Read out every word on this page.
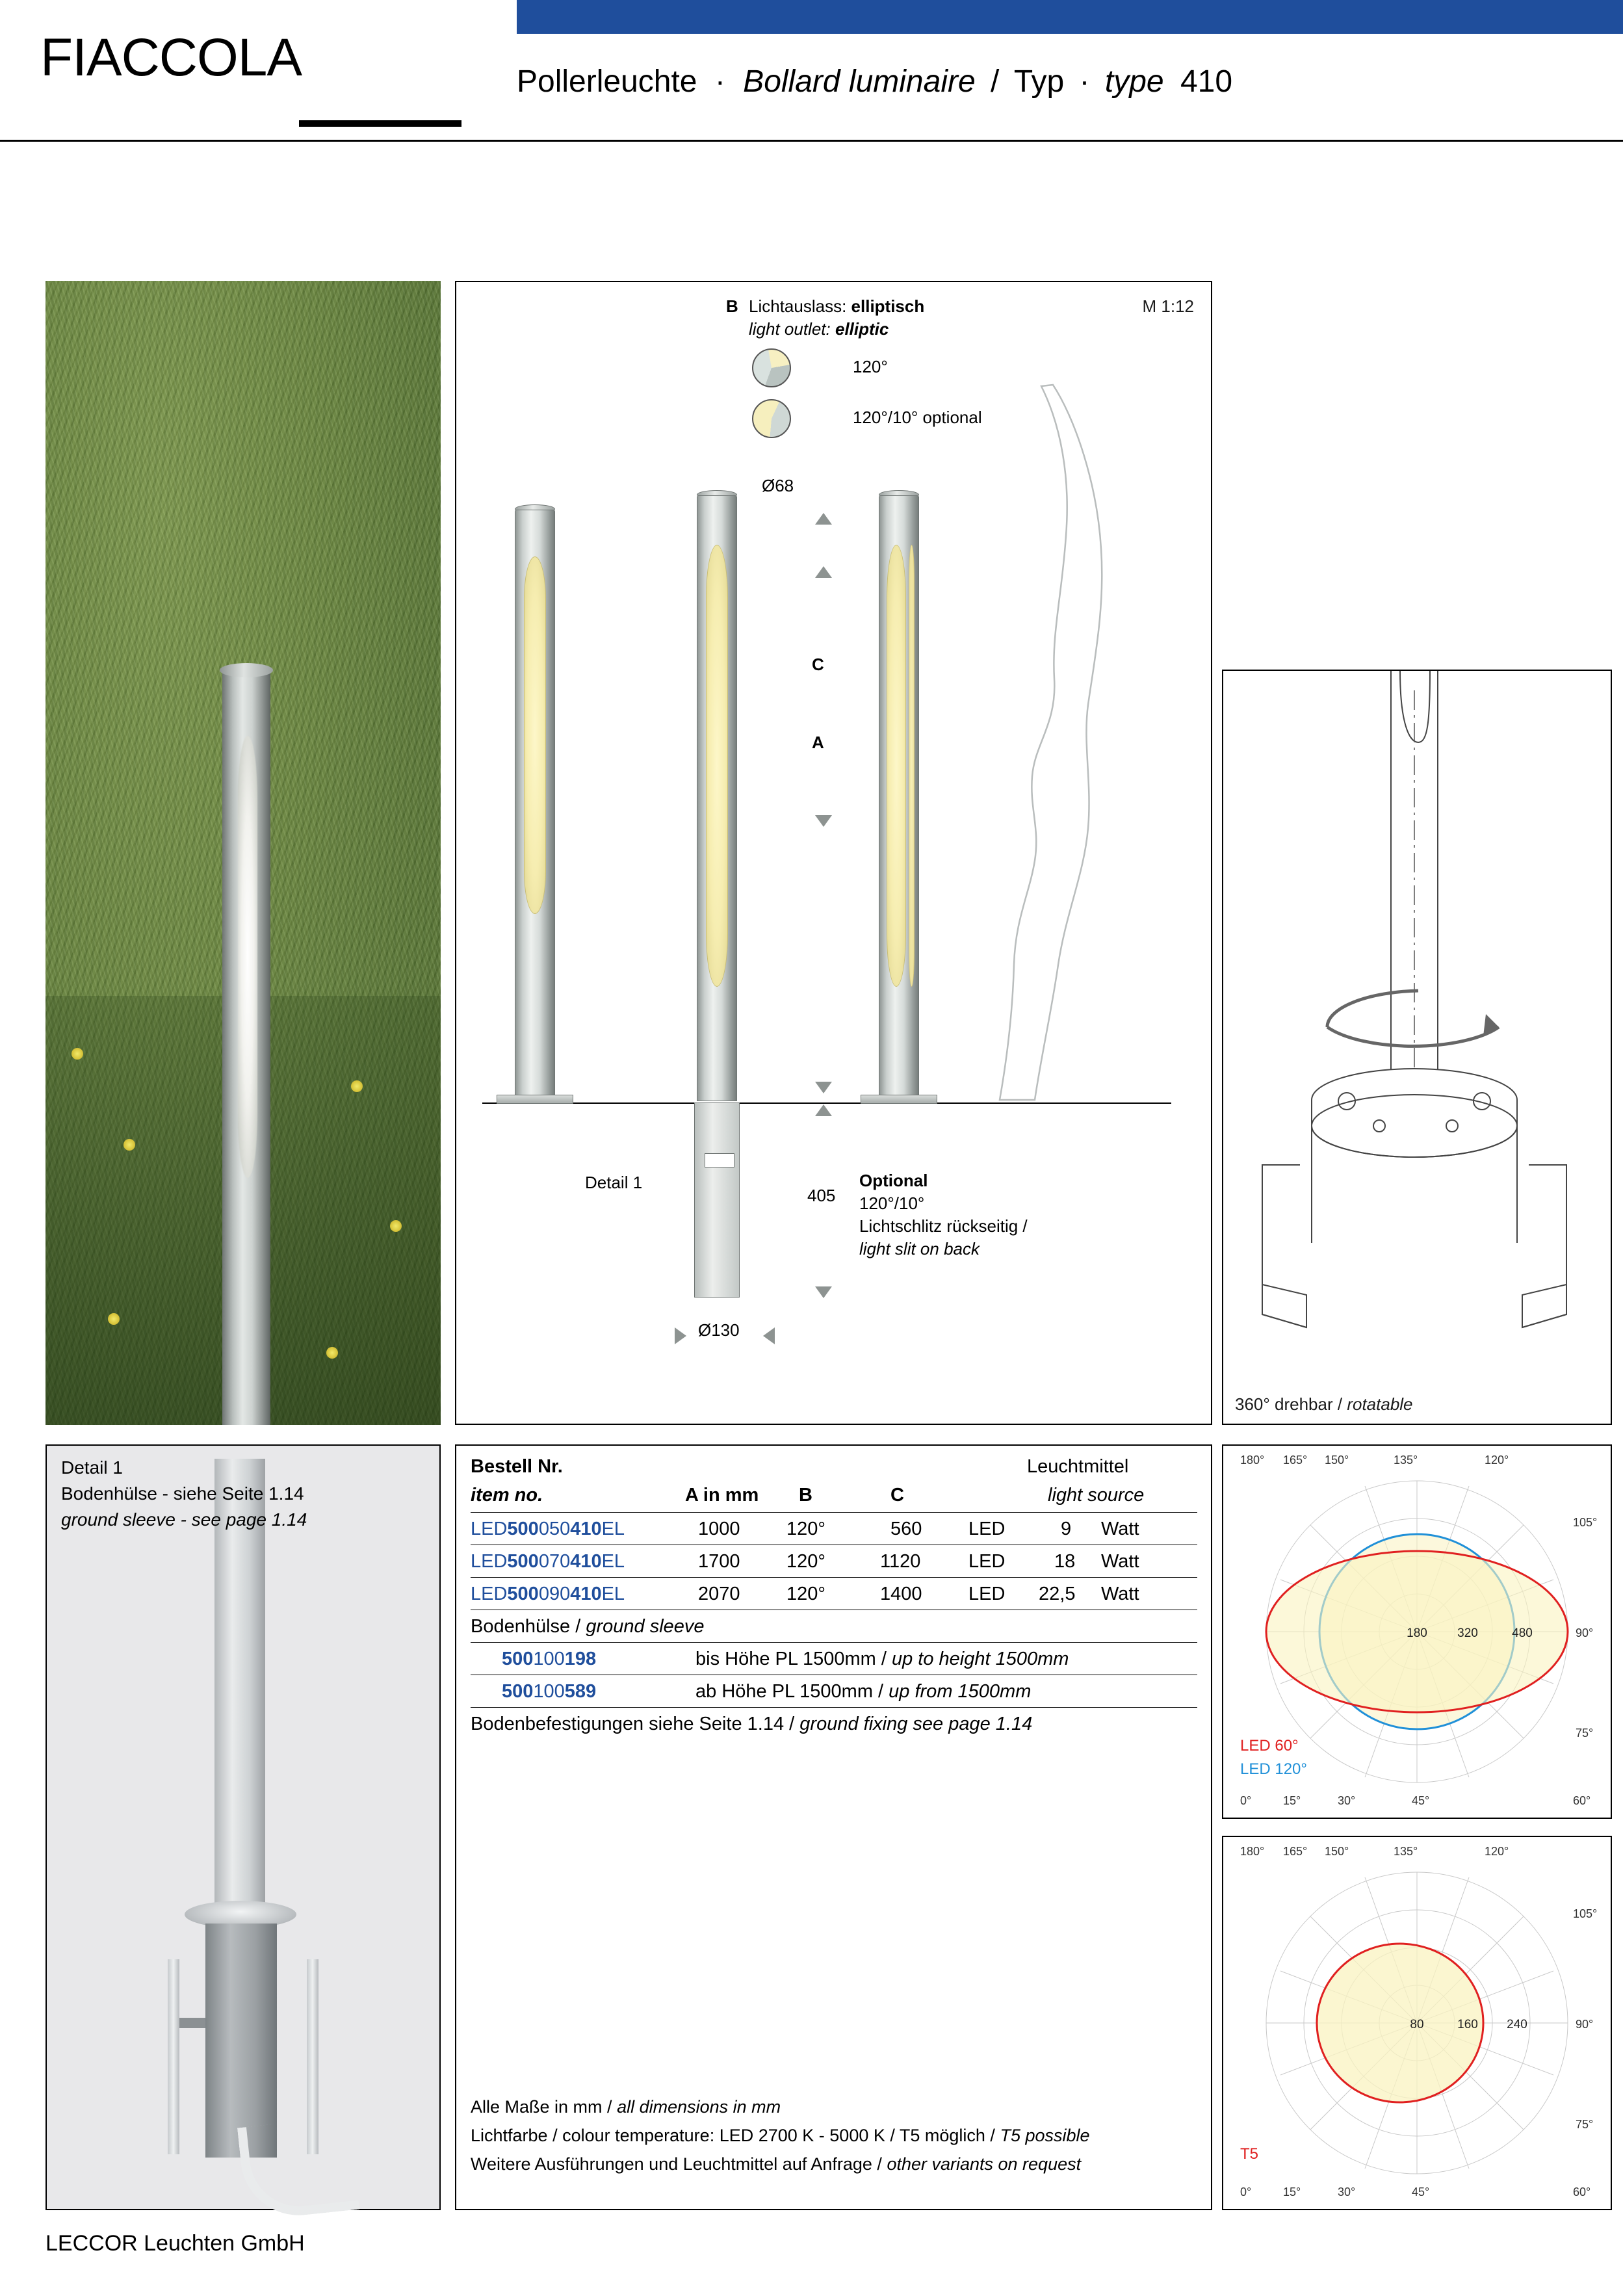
FIACCOLA	Pollerleuchte · Bollard luminaire / Typ · type 410
M 1:12
B Lichtauslass: elliptisch
light outlet: elliptic
120°
120°/10° optional
Ø68
C
A
405
Detail 1
Ø130
Optional
120°/10°
Lichtschlitz rückseitig /
light slit on back
360° drehbar / rotatable
Detail 1
Bodenhülse - siehe Seite 1.14
ground sleeve - see page 1.14
Bestell Nr.	Leuchtmittel
item no.	A in mm B	C	light source
LED500050410EL	1000 120°	560 LED	9 Watt
LED500070410EL	1700 120°	1120	LED	18 Watt
LED500090410EL	2070 120°	1400 LED 22,5 Watt
Bodenhülse / ground sleeve
500100198	bis Höhe PL 1500mm / up to height 1500mm
500100589	ab Höhe PL 1500mm / up from 1500mm
Bodenbefestigungen siehe Seite 1.14 / ground fixing see page 1.14
Alle Maße in mm / all dimensions in mm
Lichtfarbe / colour temperature: LED 2700 K - 5000 K / T5 möglich / T5 possible
Weitere Ausführungen und Leuchtmittel auf Anfrage / other variants on request
180 320	480
180° 165° 150°	135°	120°
105°
90°
75°
60°
0°	15°	30°	45°
LED 60°
LED 120°
80	160 240
180° 165° 150°	135°	120°
105°
90°
75°
60°
0°	15°	30°	45°
T5
LECCOR Leuchten GmbH
